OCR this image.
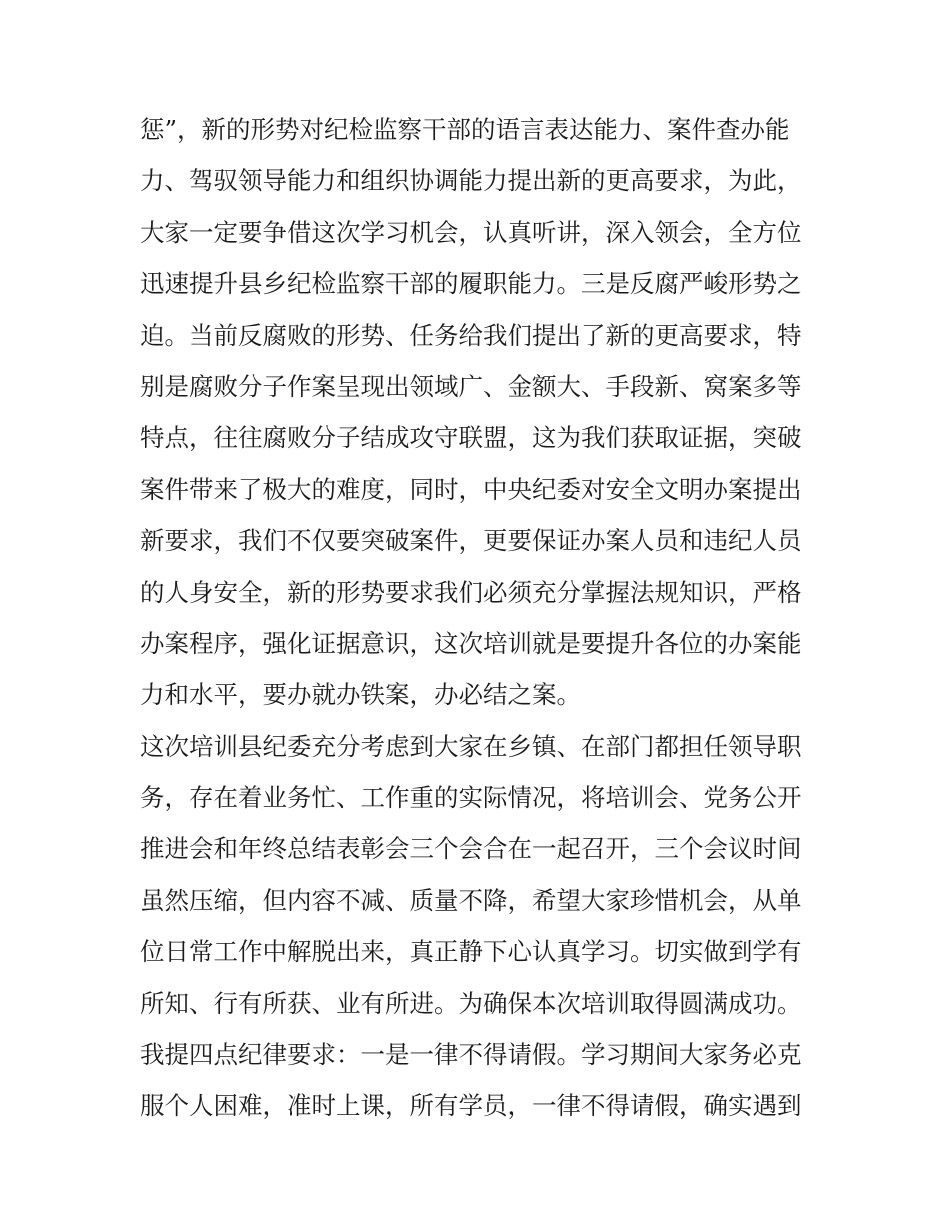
惩”，新的形势对纪检监察干部的语言表达能力、案件查办能
力、驾驭领导能力和组织协调能力提出新的更高要求，为此，
大家一定要争借这次学习机会，认真听讲，深入领会，全方位
迅速提升县乡纪检监察干部的履职能力。三是反腐严峻形势之
迫。当前反腐败的形势、任务给我们提出了新的更高要求，特
别是腐败分子作案呈现出领域广、金额大、手段新、窝案多等
特点，往往腐败分子结成攻守联盟，这为我们获取证据，突破
案件带来了极大的难度，同时，中央纪委对安全文明办案提出
新要求，我们不仅要突破案件，更要保证办案人员和违纪人员
的人身安全，新的形势要求我们必须充分掌握法规知识，严格
办案程序，强化证据意识，这次培训就是要提升各位的办案能
力和水平，要办就办铁案，办必结之案。
这次培训县纪委充分考虑到大家在乡镇、在部门都担任领导职
务，存在着业务忙、工作重的实际情况，将培训会、党务公开
推进会和年终总结表彰会三个会合在一起召开，三个会议时间
虽然压缩，但内容不减、质量不降，希望大家珍惜机会，从单
位日常工作中解脱出来，真正静下心认真学习。切实做到学有
所知、行有所获、业有所进。为确保本次培训取得圆满成功。
我提四点纪律要求：一是一律不得请假。学习期间大家务必克
服个人困难，准时上课，所有学员，一律不得请假，确实遇到
